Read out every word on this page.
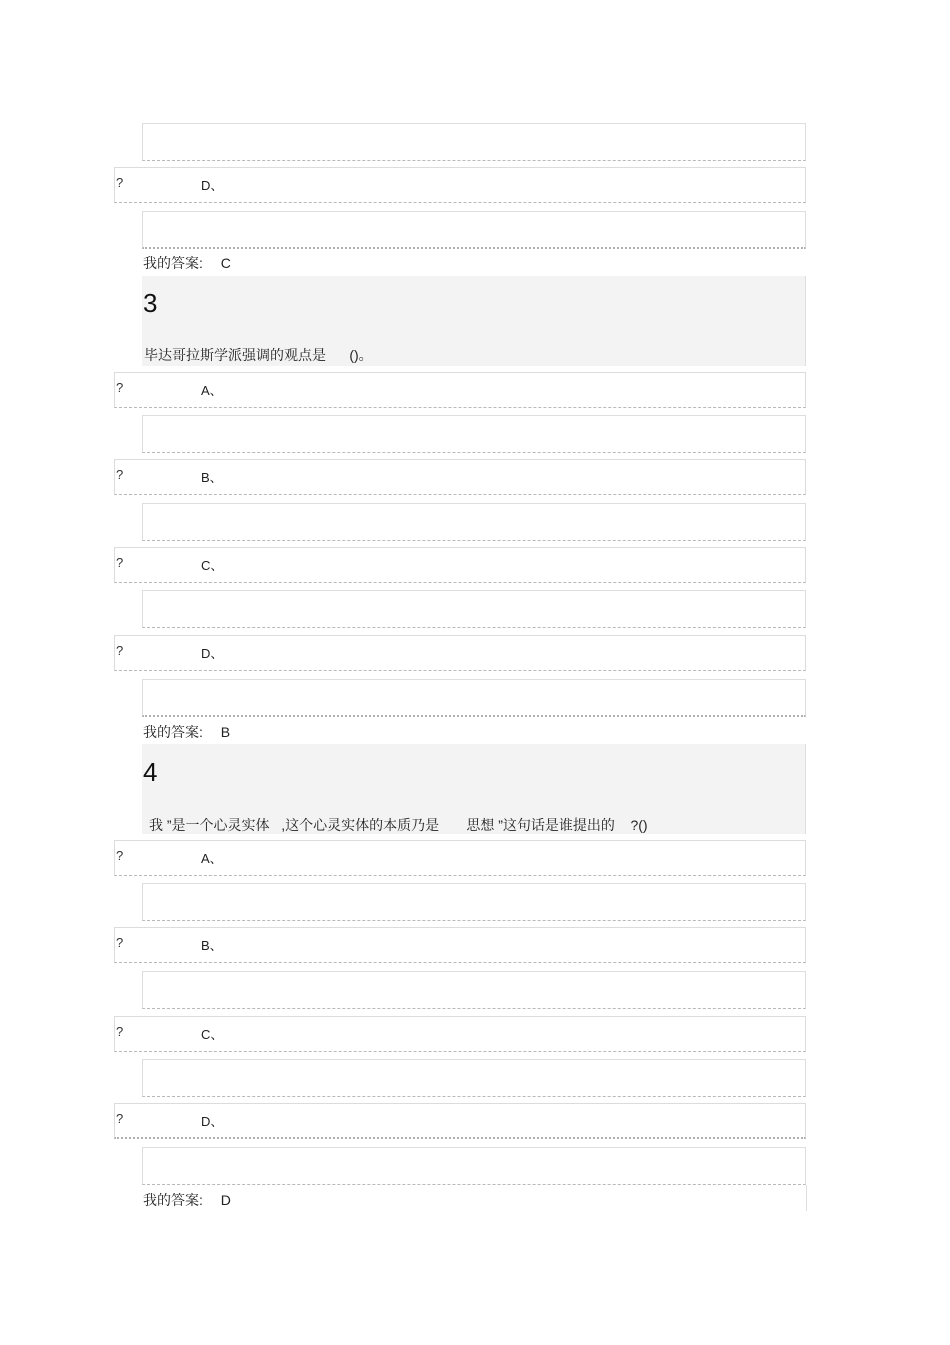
?	D、
我的答案: C
3
毕达哥拉斯学派强调的观点是      ()。
?	A、
?	B、
?	C、
?	D、
我的答案: B
4
我 ”是一个心灵实体   ,这个心灵实体的本质乃是       思想 ”这句话是谁提出的    ?()
?	A、
?	B、
?	C、
?	D、
我的答案: D
